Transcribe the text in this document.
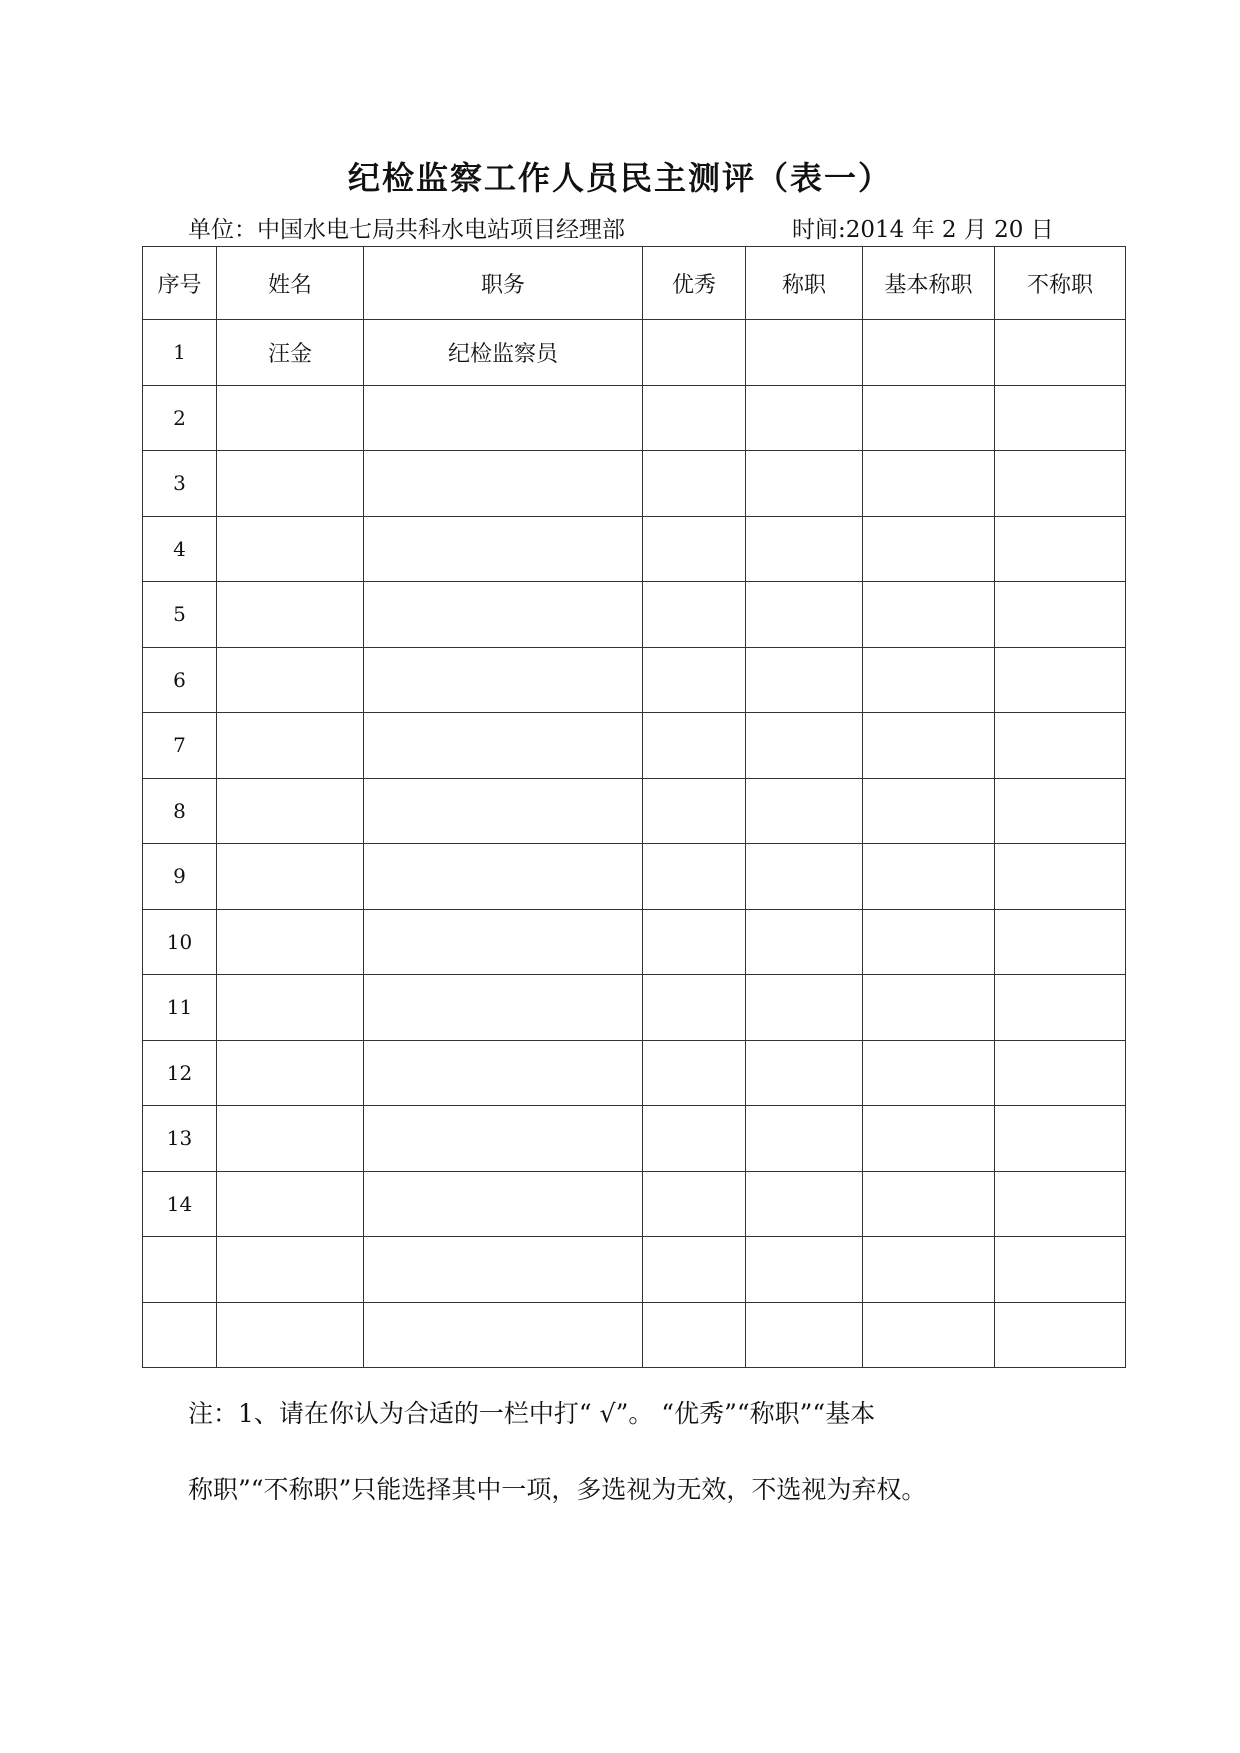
纪检监察工作人员民主测评（表一）
单位：中国水电七局共科水电站项目经理部	时间:2014 年 2 月 20 日
序号	姓名	职务	优秀	称职	基本称职	不称职
1	汪金	纪检监察员				
2						
3						
4						
5						
6						
7						
8						
9						
10						
11						
12						
13						
14						

注：1、请在你认为合适的一栏中打“ √”。 “优秀”“称职”“基本

称职”“不称职”只能选择其中一项，多选视为无效，不选视为弃权。
